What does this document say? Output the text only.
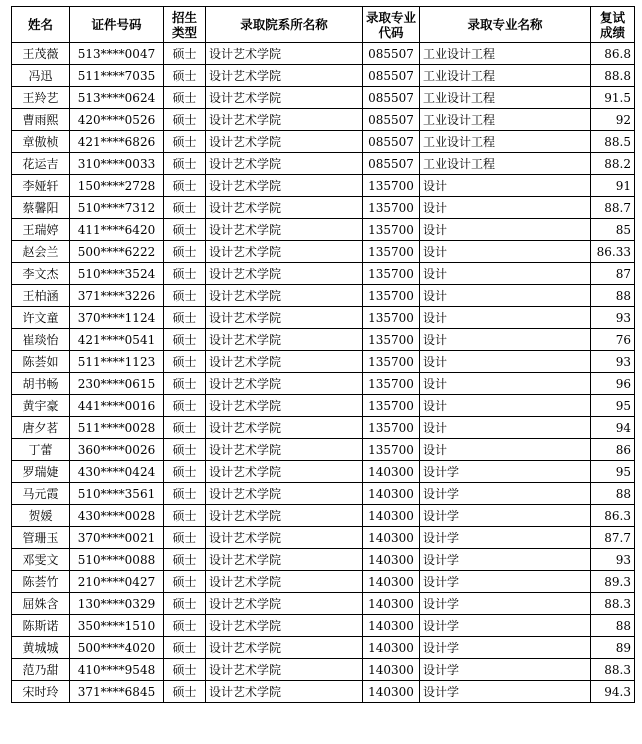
姓名	证件号码	招生类型	录取院系所名称	录取专业代码	录取专业名称	复试成绩
王茂薇	513****0047	硕士	设计艺术学院	085507	工业设计工程	86.8
冯迅	511****7035	硕士	设计艺术学院	085507	工业设计工程	88.8
王羚艺	513****0624	硕士	设计艺术学院	085507	工业设计工程	91.5
曹雨熙	420****0526	硕士	设计艺术学院	085507	工业设计工程	92
章傲桢	421****6826	硕士	设计艺术学院	085507	工业设计工程	88.5
花运吉	310****0033	硕士	设计艺术学院	085507	工业设计工程	88.2
李娅轩	150****2728	硕士	设计艺术学院	135700	设计	91
蔡馨阳	510****7312	硕士	设计艺术学院	135700	设计	88.7
王瑞婷	411****6420	硕士	设计艺术学院	135700	设计	85
赵会兰	500****6222	硕士	设计艺术学院	135700	设计	86.33
李文杰	510****3524	硕士	设计艺术学院	135700	设计	87
王柏涵	371****3226	硕士	设计艺术学院	135700	设计	88
许文童	370****1124	硕士	设计艺术学院	135700	设计	93
崔琰怡	421****0541	硕士	设计艺术学院	135700	设计	76
陈荟如	511****1123	硕士	设计艺术学院	135700	设计	93
胡书畅	230****0615	硕士	设计艺术学院	135700	设计	96
黄宇豪	441****0016	硕士	设计艺术学院	135700	设计	95
唐夕茗	511****0028	硕士	设计艺术学院	135700	设计	94
丁蕾	360****0026	硕士	设计艺术学院	135700	设计	86
罗瑞婕	430****0424	硕士	设计艺术学院	140300	设计学	95
马元霞	510****3561	硕士	设计艺术学院	140300	设计学	88
贺媛	430****0028	硕士	设计艺术学院	140300	设计学	86.3
管珊玉	370****0021	硕士	设计艺术学院	140300	设计学	87.7
邓雯文	510****0088	硕士	设计艺术学院	140300	设计学	93
陈荟竹	210****0427	硕士	设计艺术学院	140300	设计学	89.3
屈姝含	130****0329	硕士	设计艺术学院	140300	设计学	88.3
陈斯诺	350****1510	硕士	设计艺术学院	140300	设计学	88
黄城城	500****4020	硕士	设计艺术学院	140300	设计学	89
范乃甜	410****9548	硕士	设计艺术学院	140300	设计学	88.3
宋时玲	371****6845	硕士	设计艺术学院	140300	设计学	94.3
